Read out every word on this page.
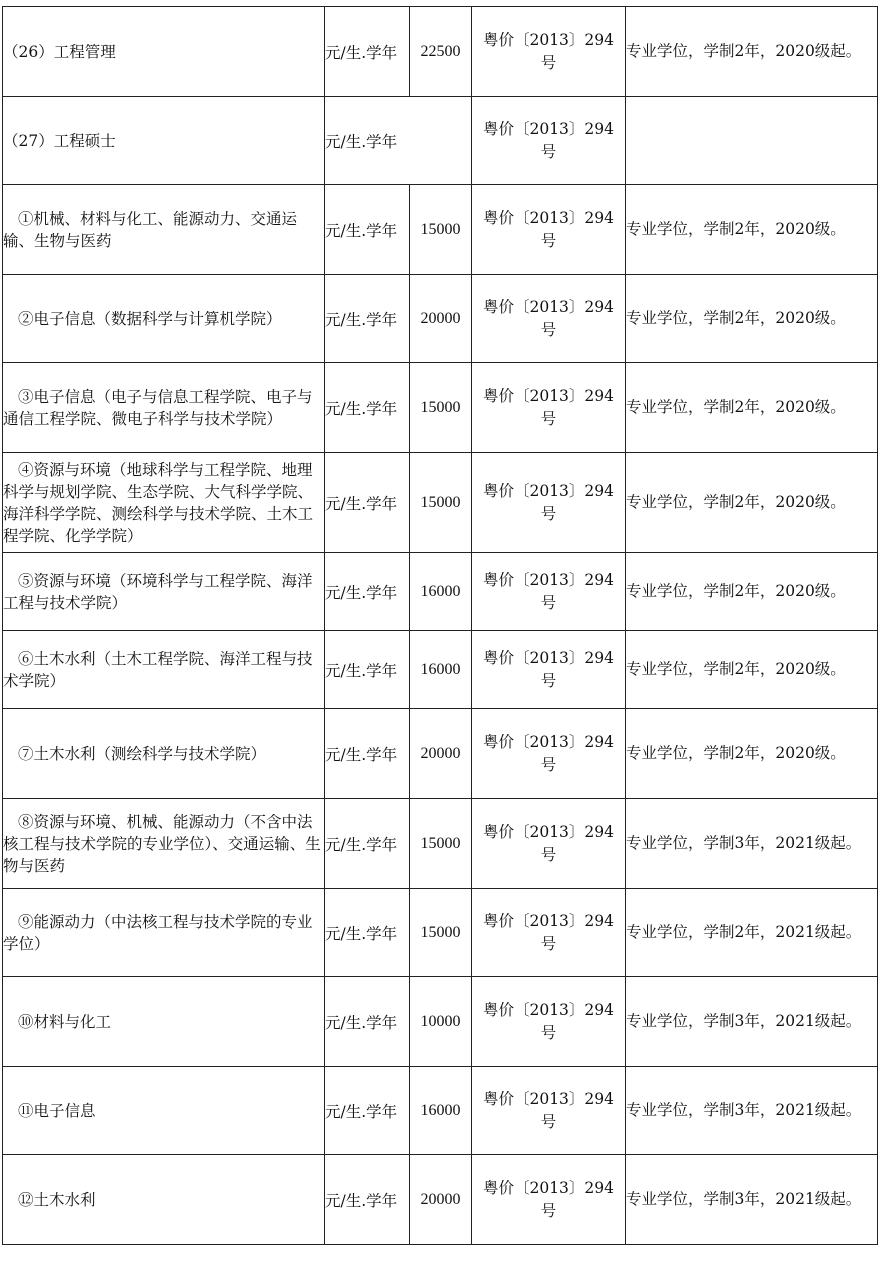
（26）工程管理	元/生.学年	22500	粤价〔2013〕294
号	专业学位，学制2年，2020级起。

（27）工程硕士	元/生.学年		粤价〔2013〕294
号	

①机械、材料与化工、能源动力、交通运输、生物与医药	元/生.学年	15000	粤价〔2013〕294
号	专业学位，学制2年，2020级。

②电子信息（数据科学与计算机学院）	元/生.学年	20000	粤价〔2013〕294
号	专业学位，学制2年，2020级。

③电子信息（电子与信息工程学院、电子与通信工程学院、微电子科学与技术学院）	元/生.学年	15000	粤价〔2013〕294
号	专业学位，学制2年，2020级。

④资源与环境（地球科学与工程学院、地理科学与规划学院、生态学院、大气科学学院、海洋科学学院、测绘科学与技术学院、土木工程学院、化学学院）	元/生.学年	15000	粤价〔2013〕294
号	专业学位，学制2年，2020级。

⑤资源与环境（环境科学与工程学院、海洋工程与技术学院）	元/生.学年	16000	粤价〔2013〕294
号	专业学位，学制2年，2020级。

⑥土木水利（土木工程学院、海洋工程与技术学院）	元/生.学年	16000	粤价〔2013〕294
号	专业学位，学制2年，2020级。

⑦土木水利（测绘科学与技术学院）	元/生.学年	20000	粤价〔2013〕294
号	专业学位，学制2年，2020级。

⑧资源与环境、机械、能源动力（不含中法核工程与技术学院的专业学位）、交通运输、生物与医药	元/生.学年	15000	粤价〔2013〕294
号	专业学位，学制3年，2021级起。

⑨能源动力（中法核工程与技术学院的专业学位）	元/生.学年	15000	粤价〔2013〕294
号	专业学位，学制2年，2021级起。

⑩材料与化工	元/生.学年	10000	粤价〔2013〕294
号	专业学位，学制3年，2021级起。

⑪电子信息	元/生.学年	16000	粤价〔2013〕294
号	专业学位，学制3年，2021级起。

⑫土木水利	元/生.学年	20000	粤价〔2013〕294
号	专业学位，学制3年，2021级起。
